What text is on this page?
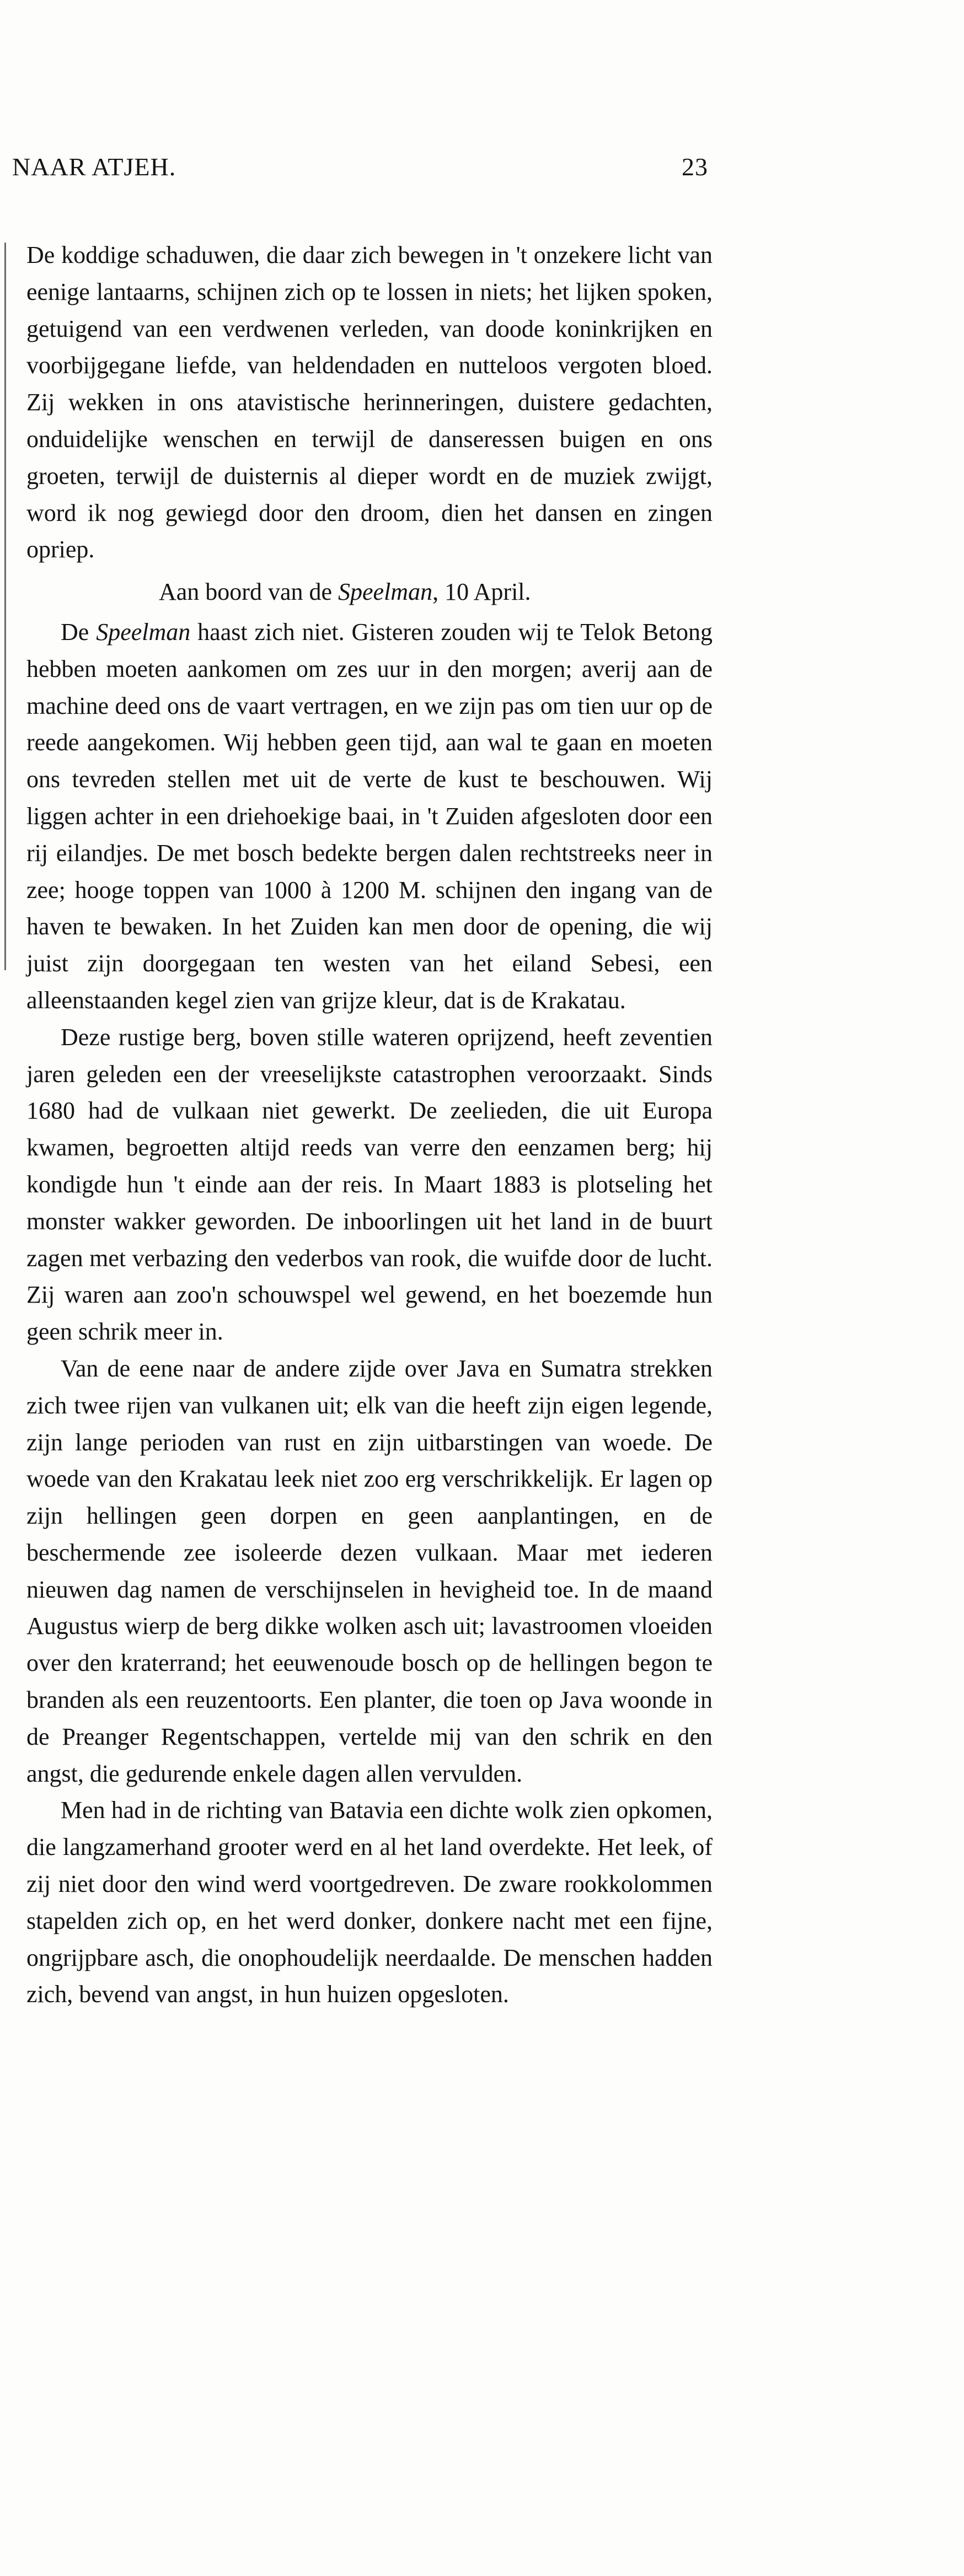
NAAR ATJEH.	23

De koddige schaduwen, die daar zich bewegen in 't onzekere licht van eenige lantaarns, schijnen zich op te lossen in niets; het lijken spoken, getuigend van een verdwenen verleden, van doode koninkrijken en voorbijgegane liefde, van heldendaden en nutteloos vergoten bloed. Zij wekken in ons atavistische herinneringen, duistere gedachten, onduidelijke wenschen en terwijl de danseressen buigen en ons groeten, terwijl de duisternis al dieper wordt en de muziek zwijgt, word ik nog gewiegd door den droom, dien het dansen en zingen opriep.

Aan boord van de Speelman, 10 April.

De Speelman haast zich niet. Gisteren zouden wij te Telok Betong hebben moeten aankomen om zes uur in den morgen; averij aan de machine deed ons de vaart vertragen, en we zijn pas om tien uur op de reede aangekomen. Wij hebben geen tijd, aan wal te gaan en moeten ons tevreden stellen met uit de verte de kust te beschouwen. Wij liggen achter in een driehoekige baai, in 't Zuiden afgesloten door een rij eilandjes. De met bosch bedekte bergen dalen rechtstreeks neer in zee; hooge toppen van 1000 à 1200 M. schijnen den ingang van de haven te bewaken. In het Zuiden kan men door de opening, die wij juist zijn doorgegaan ten westen van het eiland Sebesi, een alleenstaanden kegel zien van grijze kleur, dat is de Krakatau.

Deze rustige berg, boven stille wateren oprijzend, heeft zeventien jaren geleden een der vreeselijkste catastrophen veroorzaakt. Sinds 1680 had de vulkaan niet gewerkt. De zeelieden, die uit Europa kwamen, begroetten altijd reeds van verre den eenzamen berg; hij kondigde hun 't einde aan der reis. In Maart 1883 is plotseling het monster wakker geworden. De inboorlingen uit het land in de buurt zagen met verbazing den vederbos van rook, die wuifde door de lucht. Zij waren aan zoo'n schouwspel wel gewend, en het boezemde hun geen schrik meer in.

Van de eene naar de andere zijde over Java en Sumatra strekken zich twee rijen van vulkanen uit; elk van die heeft zijn eigen legende, zijn lange perioden van rust en zijn uitbarstingen van woede. De woede van den Krakatau leek niet zoo erg verschrikkelijk. Er lagen op zijn hellingen geen dorpen en geen aanplantingen, en de beschermende zee isoleerde dezen vulkaan. Maar met iederen nieuwen dag namen de verschijnselen in hevigheid toe. In de maand Augustus wierp de berg dikke wolken asch uit; lavastroomen vloeiden over den kraterrand; het eeuwenoude bosch op de hellingen begon te branden als een reuzentoorts. Een planter, die toen op Java woonde in de Preanger Regentschappen, vertelde mij van den schrik en den angst, die gedurende enkele dagen allen vervulden.

Men had in de richting van Batavia een dichte wolk zien opkomen, die langzamerhand grooter werd en al het land overdekte. Het leek, of zij niet door den wind werd voortgedreven. De zware rookkolommen stapelden zich op, en het werd donker, donkere nacht met een fijne, ongrijpbare asch, die onophoudelijk neerdaalde. De menschen hadden zich, bevend van angst, in hun huizen opgesloten.
